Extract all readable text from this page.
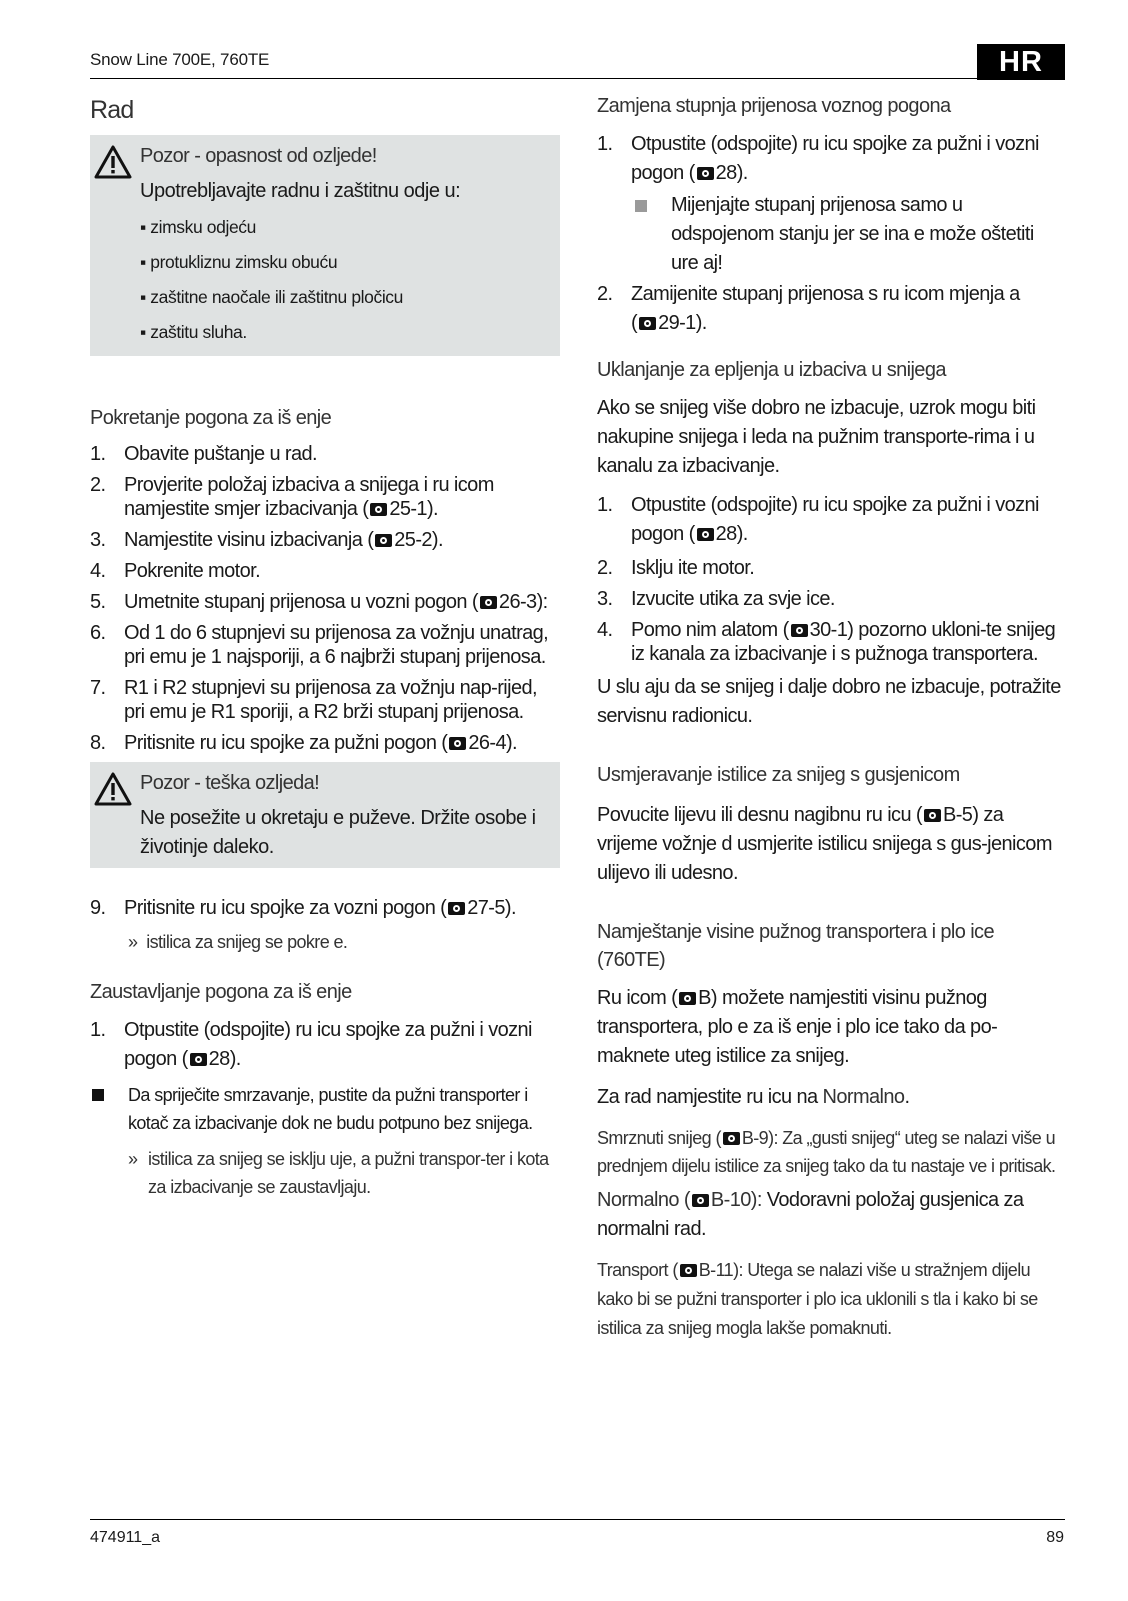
Snow Line 700E, 760TE	HR
Rad
Pozor - opasnost od ozljede!
Upotrebljavajte radnu i zaštitnu odje u:
▪ zimsku odjeću
▪ protukliznu zimsku obuću
▪ zaštitne naočale ili zaštitnu pločicu
▪ zaštitu sluha.
Pokretanje pogona za iš enje
1. Obavite puštanje u rad.
2. Provjerite položaj izbaciva a snijega i ru icom namjestite smjer izbacivanja ( 25-1).
3. Namjestite visinu izbacivanja ( 25-2).
4. Pokrenite motor.
5. Umetnite stupanj prijenosa u vozni pogon ( 26-3):
6. Od 1 do 6 stupnjevi su prijenosa za vožnju unatrag, pri emu je 1 najsporiji, a 6 najbrži stupanj prijenosa.
7. R1 i R2 stupnjevi su prijenosa za vožnju nap-rijed, pri emu je R1 sporiji, a R2 brži stupanj prijenosa.
8. Pritisnite ru icu spojke za pužni pogon ( 26-4).
Pozor - teška ozljeda!
Ne posežite u okretaju e puževe. Držite osobe i životinje daleko.
9. Pritisnite ru icu spojke za vozni pogon ( 27-5).
»  istilica za snijeg se pokre e.
Zaustavljanje pogona za iš enje
1. Otpustite (odspojite) ru icu spojke za pužni i vozni pogon ( 28).
Da spriječite smrzavanje, pustite da pužni transporter i kotač za izbacivanje dok ne budu potpuno bez snijega.
» istilica za snijeg se isklju uje, a pužni transpor-ter i kota za izbacivanje se zaustavljaju.
Zamjena stupnja prijenosa voznog pogona
1. Otpustite (odspojite) ru icu spojke za pužni i vozni pogon ( 28).
Mijenjajte stupanj prijenosa samo u odspojenom stanju jer se ina e može oštetiti ure aj!
2. Zamijenite stupanj prijenosa s ru icom mjenja a
( 29-1).
Uklanjanje za epljenja u izbaciva u snijega
Ako se snijeg više dobro ne izbacuje, uzrok mogu biti nakupine snijega i leda na pužnim transporte-rima i u kanalu za izbacivanje.
1. Otpustite (odspojite) ru icu spojke za pužni i vozni pogon ( 28).
2. Isklju ite motor.
3. Izvucite utika za svje ice.
4. Pomo nim alatom ( 30-1) pozorno ukloni-te snijeg iz kanala za izbacivanje i s pužnoga transportera.
U slu aju da se snijeg i dalje dobro ne izbacuje, potražite servisnu radionicu.
Usmjeravanje istilice za snijeg s gusjenicom
Povucite lijevu ili desnu nagibnu ru icu ( B-5) za vrijeme vožnje d usmjerite istilicu snijega s gus-jenicom ulijevo ili udesno.
Namještanje visine pužnog transportera i plo ice (760TE)
Ru icom ( B) možete namjestiti visinu pužnog transportera, plo e za iš enje i plo ice tako da po-maknete uteg istilice za snijeg.
Za rad namjestite ru icu na Normalno.
Smrznuti snijeg ( B-9): Za „gusti snijeg“ uteg se nalazi više u prednjem dijelu istilice za snijeg tako da tu nastaje ve i pritisak.
Normalno ( B-10): Vodoravni položaj gusjenica za normalni rad.
Transport ( B-11): Utega se nalazi više u stražnjem dijelu kako bi se pužni transporter i plo ica uklonili s tla i kako bi se istilica za snijeg mogla lakše pomaknuti.
474911_a	89
